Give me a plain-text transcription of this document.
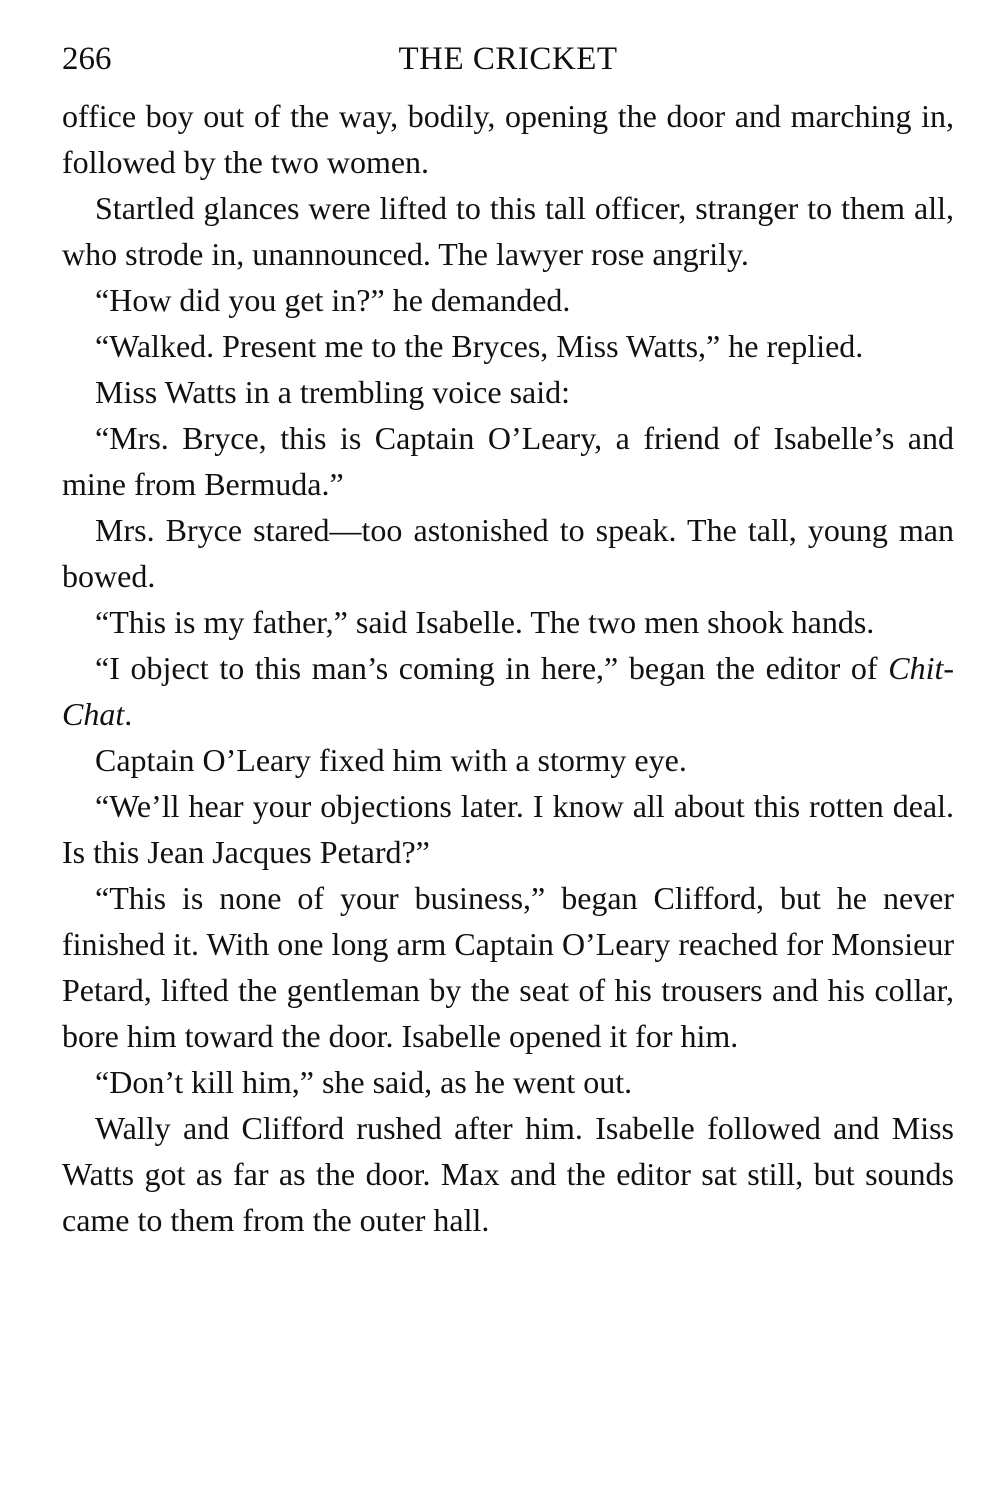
266	THE CRICKET

office boy out of the way, bodily, opening the door and marching in, followed by the two women.

Startled glances were lifted to this tall officer, stranger to them all, who strode in, unannounced. The lawyer rose angrily.

“How did you get in?” he demanded.

“Walked. Present me to the Bryces, Miss Watts,” he replied.

Miss Watts in a trembling voice said:

“Mrs. Bryce, this is Captain O’Leary, a friend of Isabelle’s and mine from Bermuda.”

Mrs. Bryce stared—too astonished to speak. The tall, young man bowed.

“This is my father,” said Isabelle. The two men shook hands.

“I object to this man’s coming in here,” began the editor of Chit-Chat.

Captain O’Leary fixed him with a stormy eye.

“We’ll hear your objections later. I know all about this rotten deal. Is this Jean Jacques Petard?”

“This is none of your business,” began Clifford, but he never finished it. With one long arm Captain O’Leary reached for Monsieur Petard, lifted the gentleman by the seat of his trousers and his collar, bore him toward the door. Isabelle opened it for him.

“Don’t kill him,” she said, as he went out.

Wally and Clifford rushed after him. Isabelle followed and Miss Watts got as far as the door. Max and the editor sat still, but sounds came to them from the outer hall.
